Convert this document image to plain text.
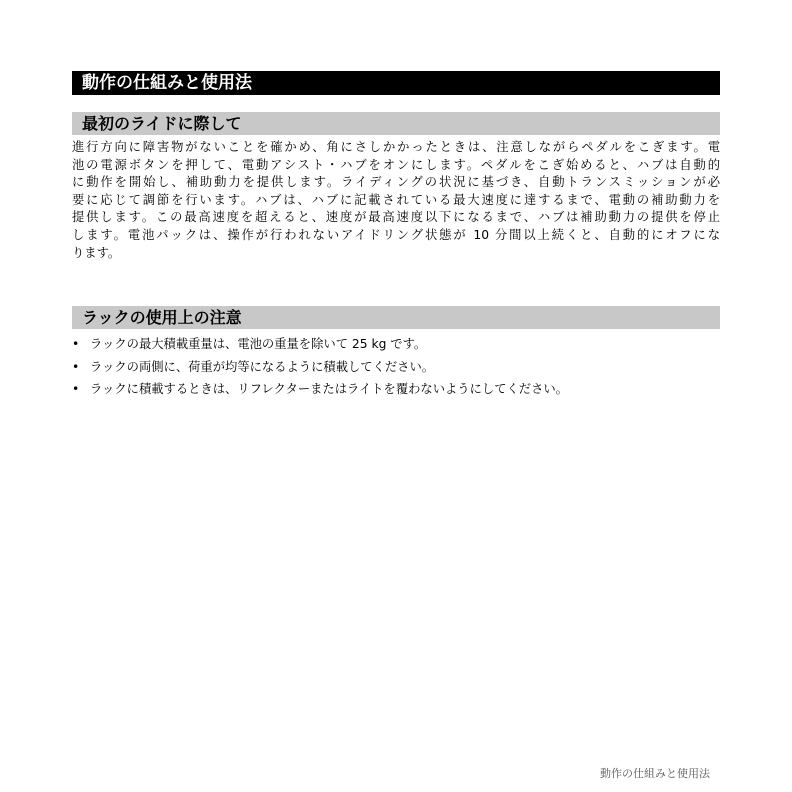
動作の仕組みと使用法
最初のライドに際して
進行方向に障害物がないことを確かめ、角にさしかかったときは、注意しながらペダルをこぎます。電
池の電源ボタンを押して、電動アシスト・ハブをオンにします。ペダルをこぎ始めると、ハブは自動的
に動作を開始し、補助動力を提供します。ライディングの状況に基づき、自動トランスミッションが必
要に応じて調節を行います。ハブは、ハブに記載されている最大速度に達するまで、電動の補助動力を
提供します。この最高速度を超えると、速度が最高速度以下になるまで、ハブは補助動力の提供を停止
します。電池パックは、操作が行われないアイドリング状態が 10 分間以上続くと、自動的にオフにな
ります。
ラックの使用上の注意
• ラックの最大積載重量は、電池の重量を除いて 25 kg です。
• ラックの両側に、荷重が均等になるように積載してください。
• ラックに積載するときは、リフレクターまたはライトを覆わないようにしてください。
動作の仕組みと使用法
